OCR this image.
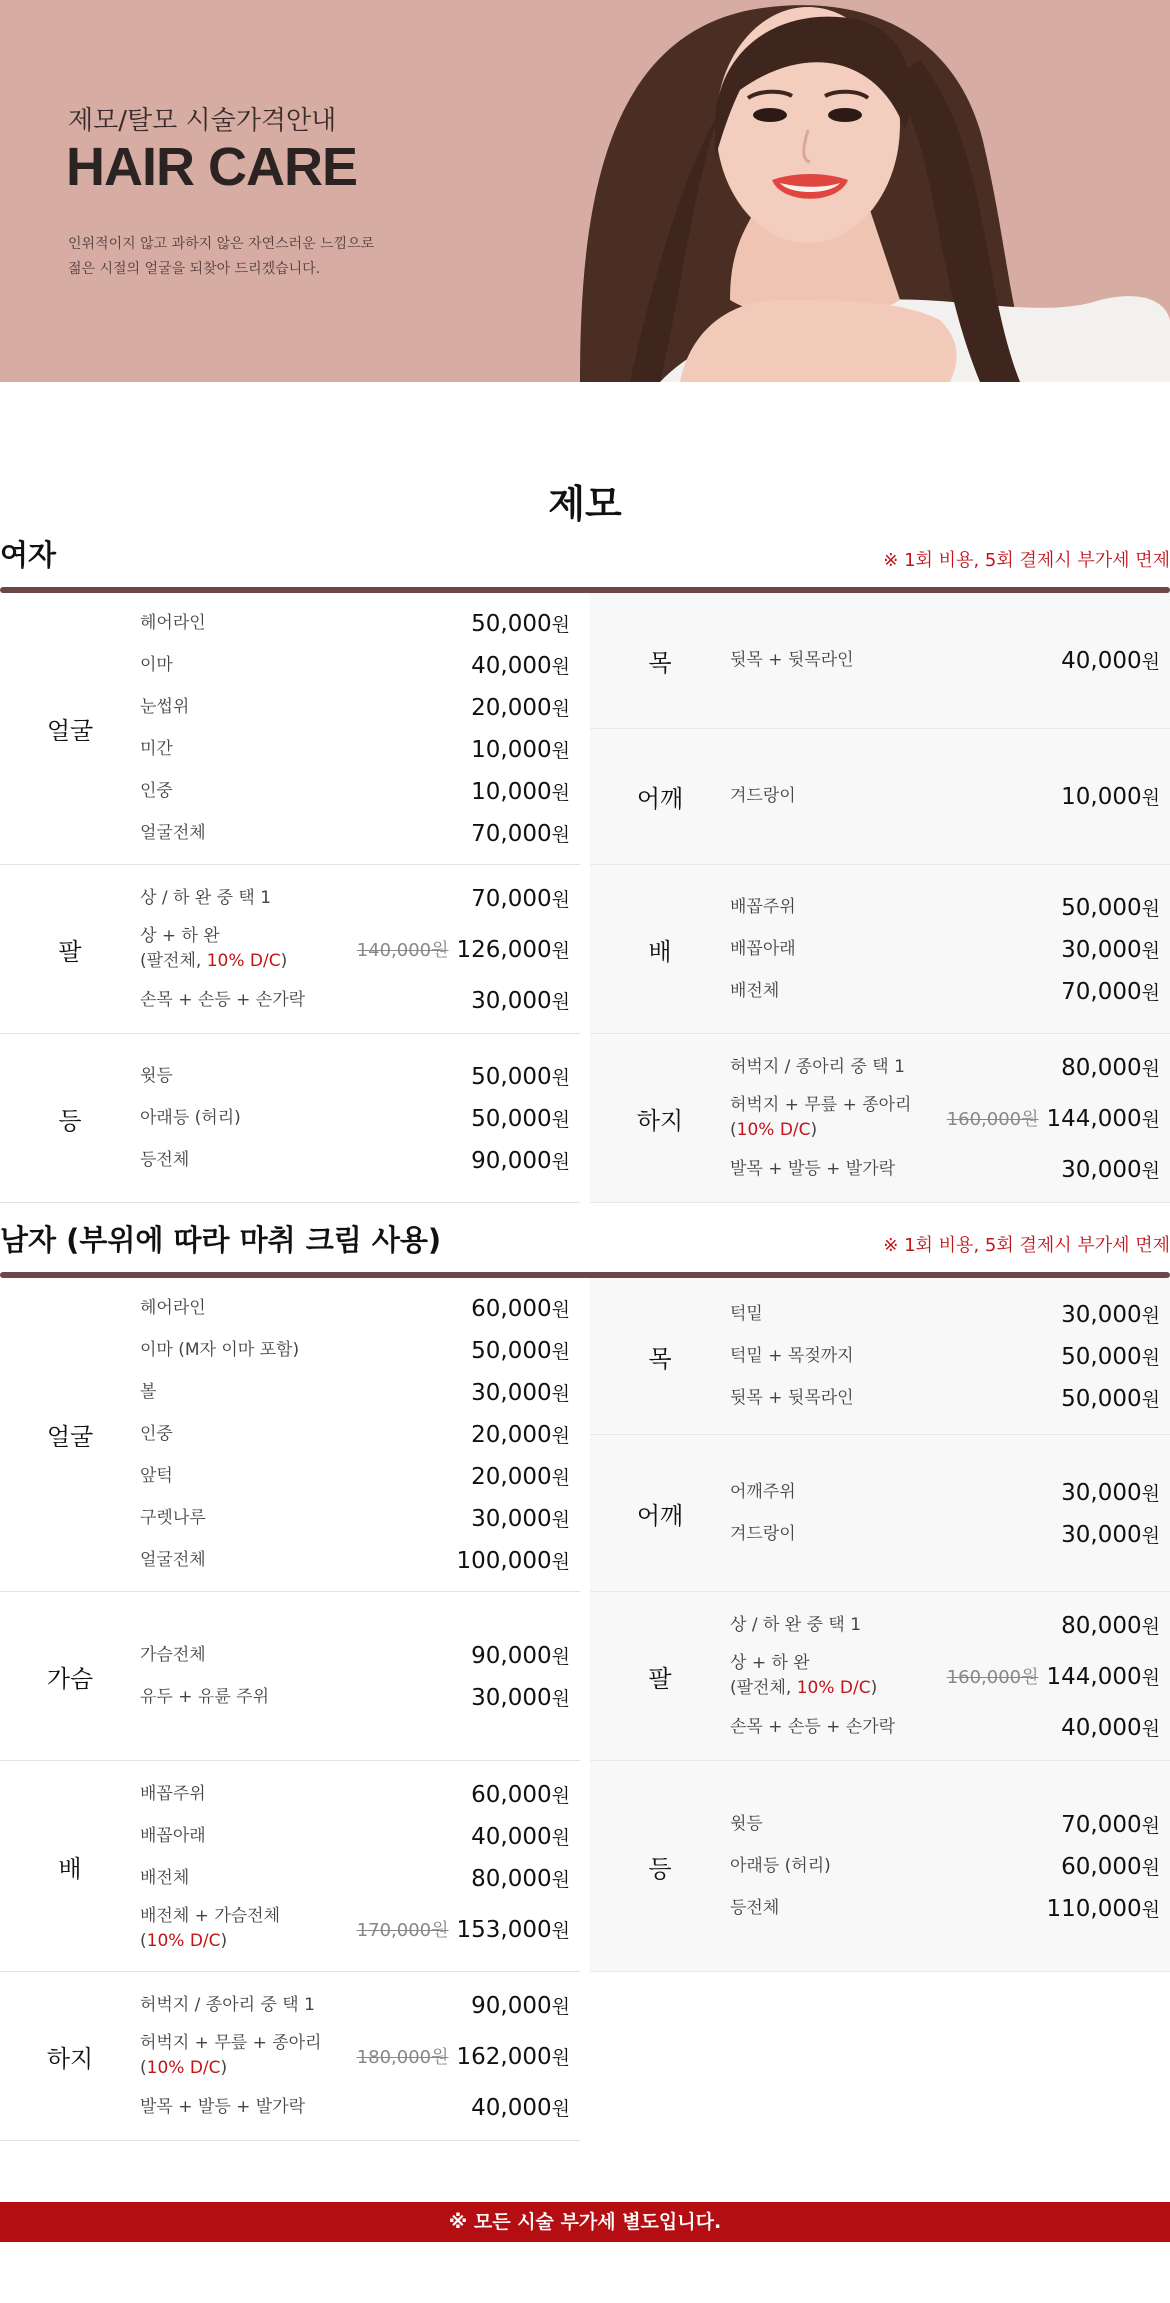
제모/탈모 시술가격안내
HAIR CARE
인위적이지 않고 과하지 않은 자연스러운 느낌으로
젊은 시절의 얼굴을 되찾아 드리겠습니다.
제모
여자	※ 1회 비용, 5회 결제시 부가세 면제
얼굴
헤어라인	50,000원
이마	40,000원
눈썹위	20,000원
미간	10,000원
인중	10,000원
얼굴전체	70,000원
팔
상 / 하 완 중 택 1	70,000원
상 + 하 완
(팔전체, 10% D/C)	140,000원 126,000원
손목 + 손등 + 손가락	30,000원
등
윗등	50,000원
아래등 (허리)	50,000원
등전체	90,000원
목	뒷목 + 뒷목라인	40,000원
어깨	겨드랑이	10,000원
배
배꼽주위	50,000원
배꼽아래	30,000원
배전체	70,000원
하지
허벅지 / 종아리 중 택 1	80,000원
허벅지 + 무릎 + 종아리
(10% D/C)	160,000원 144,000원
발목 + 발등 + 발가락	30,000원
남자 (부위에 따라 마취 크림 사용)	※ 1회 비용, 5회 결제시 부가세 면제
얼굴
헤어라인	60,000원
이마 (M자 이마 포함)	50,000원
볼	30,000원
인중	20,000원
앞턱	20,000원
구렛나루	30,000원
얼굴전체	100,000원
가슴
가슴전체	90,000원
유두 + 유륜 주위	30,000원
배
배꼽주위	60,000원
배꼽아래	40,000원
배전체	80,000원
배전체 + 가슴전체
(10% D/C)	170,000원 153,000원
하지
허벅지 / 종아리 중 택 1	90,000원
허벅지 + 무릎 + 종아리
(10% D/C)	180,000원 162,000원
발목 + 발등 + 발가락	40,000원
목
턱밑	30,000원
턱밑 + 목젖까지	50,000원
뒷목 + 뒷목라인	50,000원
어깨
어깨주위	30,000원
겨드랑이	30,000원
팔
상 / 하 완 중 택 1	80,000원
상 + 하 완
(팔전체, 10% D/C)	160,000원 144,000원
손목 + 손등 + 손가락	40,000원
등
윗등	70,000원
아래등 (허리)	60,000원
등전체	110,000원
※ 모든 시술 부가세 별도입니다.
